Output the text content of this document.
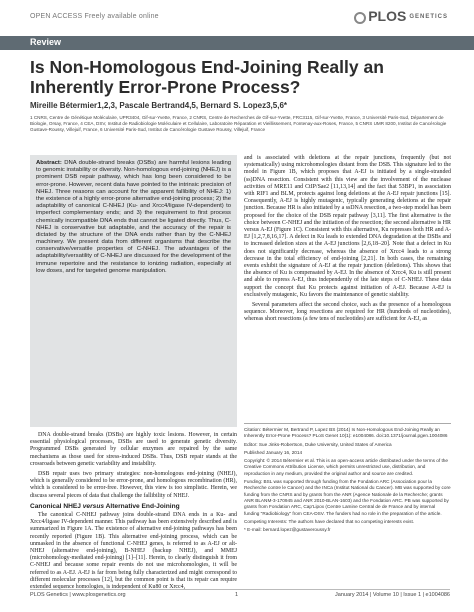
OPEN ACCESS Freely available online	PLOS GENETICS
Review
Is Non-Homologous End-Joining Really an Inherently Error-Prone Process?
Mireille Bétermier1,2,3, Pascale Bertrand4,5, Bernard S. Lopez3,5,6*
1 CNRS, Centre de Génétique Moléculaire, UPR3404, Gif-sur-Yvette, France, 2 CNRS, Centre de Recherches de Gif-sur-Yvette, FRC3115, Gif-sur-Yvette, France, 3 Université Paris-Sud, Département de Biologie, Orsay, France, 4 CEA, DSV, Institut de Radiobiologie Moléculaire et Cellulaire, Laboratoire Réparation et Vieillissement, Fontenay-aux-Roses, France, 5 CNRS UMR 8200, Institut de Cancérologie Gustave-Roussy, Villejuif, France, 6 Université Paris-Sud, Institut de Cancérologie Gustave Roussy, Villejuif, France
Abstract: DNA double-strand breaks (DSBs) are harmful lesions leading to genomic instability or diversity. Non-homologous end-joining (NHEJ) is a prominent DSB repair pathway, which has long been considered to be error-prone. However, recent data have pointed to the intrinsic precision of NHEJ. Three reasons can account for the apparent fallibility of NHEJ: 1) the existence of a highly error-prone alternative end-joining process; 2) the adaptability of canonical C-NHEJ (Ku- and Xrcc4/ligase IV-dependent) to imperfect complementary ends; and 3) the requirement to first process chemically incompatible DNA ends that cannot be ligated directly. Thus, C-NHEJ is conservative but adaptable, and the accuracy of the repair is dictated by the structure of the DNA ends rather than by the C-NHEJ machinery. We present data from different organisms that describe the conservative/versatile properties of C-NHEJ. The advantages of the adaptability/versatility of C-NHEJ are discussed for the development of the immune repertoire and the resistance to ionizing radiation, especially at low doses, and for targeted genome manipulation.

DNA double-strand breaks (DSBs) are highly toxic lesions. However, in certain essential physiological processes, DSBs are used to generate genetic diversity. Programmed DSBs generated by cellular enzymes are repaired by the same mechanisms as those used for stress-induced DSBs. Thus, DSB repair stands at the crossroads between genetic variability and instability.

DSB repair uses two primary strategies: non-homologous end-joining (NHEJ), which is generally considered to be error-prone, and homologous recombination (HR), which is considered to be error-free. However, this view is too simplistic. Herein, we discuss several pieces of data that challenge the fallibility of NHEJ.

Canonical NHEJ versus Alternative End-Joining

The canonical C-NHEJ pathway joins double-strand DNA ends in a Ku- and Xrcc4/ligase IV-dependent manner. This pathway has been extensively described and is summarized in Figure 1A. The existence of alternative end-joining pathways has been recently reported (Figure 1B). This alternative end-joining process, which can be unmasked in the absence of functional C-NHEJ genes, is referred to as A-EJ or alt-NHEJ (alternative end-joining), B-NHEJ (backup NHEJ), and MMEJ (microhomology-mediated end-joining) [1]–[11]. Herein, to clearly distinguish it from C-NHEJ and because some repair events do not use microhomologies, it will be referred to as A-EJ. A-EJ is far from being fully characterized and might correspond to different molecular processes [12], but the common point is that its repair can require extended sequence homologies, is independent of Ku80 or Xrcc4,

and is associated with deletions at the repair junctions, frequently (but not systematically) using microhomologies distant from the DSB. This signature led to the model in Figure 1B, which proposes that A-EJ is initiated by a single-stranded (ss)DNA resection. Consistent with this view are the involvement of the nuclease activities of MRE11 and CtIP/Sae2 [11,13,14] and the fact that 53BP1, in association with RIF1 and BLM, protects against long deletions at the A-EJ repair junctions [15]. Consequently, A-EJ is highly mutagenic, typically generating deletions at the repair junction. Because HR is also initiated by a ssDNA resection, a two-step model has been proposed for the choice of the DSB repair pathway [3,11]. The first alternative is the choice between C-NHEJ and the initiation of the resection; the second alternative is HR versus A-EJ (Figure 1C). Consistent with this alternative, Ku represses both HR and A-EJ [1,2,7,8,16,17]. A defect in Ku leads to extended DNA degradation at the DSBs and to increased deletion sizes at the A-EJ junctions [2,6,18–20]. Note that a defect in Ku does not significantly decrease, whereas the absence of Xrcc4 leads to a strong decrease in the total efficiency of end-joining [2,21]. In both cases, the remaining events exhibit the signature of A-EJ at the repair junction (deletions). This shows that the absence of Ku is compensated by A-EJ. In the absence of Xrcc4, Ku is still present and able to repress A-EJ, thus independently of the late steps of C-NHEJ. These data support the concept that Ku protects against initiation of A-EJ. Because A-EJ is exclusively mutagenic, Ku favors the maintenance of genetic stability.

Several parameters affect the second choice, such as the presence of a homologous sequence. Moreover, long resections are required for HR (hundreds of nucleotides), whereas short resections (a few tens of nucleotides) are sufficient for A-EJ, as

Citation: Bétermier M, Bertrand P, Lopez BS (2014) Is Non-Homologous End-Joining Really an Inherently Error-Prone Process? PLoS Genet 10(1): e1004086. doi:10.1371/journal.pgen.1004086

Editor: Sue Jinks-Robertson, Duke University, United States of America

Published January 16, 2014

Copyright: © 2014 Bétermier et al. This is an open-access article distributed under the terms of the Creative Commons Attribution License, which permits unrestricted use, distribution, and reproduction in any medium, provided the original author and source are credited.

Funding: BSL was supported through funding from the Fondation ARC (Association pour la Recherche contre le Cancer) and the INCa (Institut National du Cancer). MB was supported by core funding from the CNRS and by grants from the ANR (Agence Nationale de la Recherche; grants ANR BLANM-3-170945 and ANR 2010-BLAN-1603) and the Fondation ARC. PB was supported by grants from Fondation ARC, Cap'Lipox (Centre Lamine Central de de France and by internal funding "Radiobiology" from CEA-DSV. The funders had no role in the preparation of the article.

Competing Interests: The authors have declared that no competing interests exist.

* E-mail: bernard.lopez@gustaveroussy.fr

PLOS Genetics | www.plosgenetics.org	1	January 2014 | Volume 10 | Issue 1 | e1004086
